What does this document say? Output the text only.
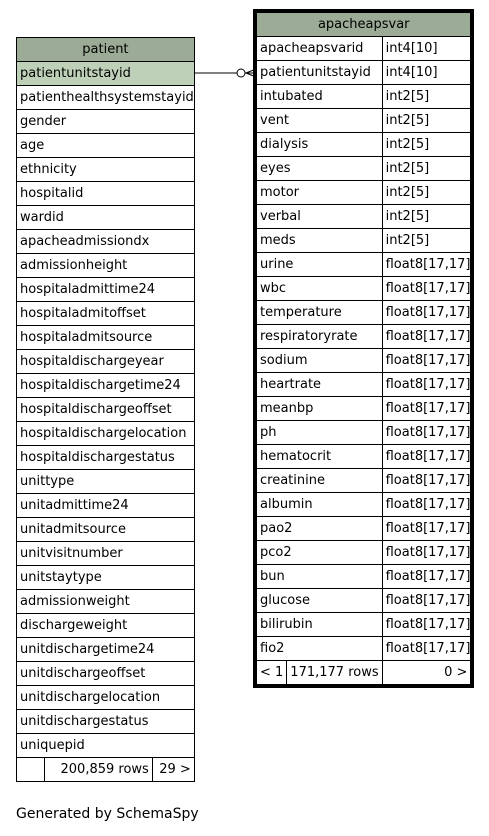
patient
patientunitstayid
patienthealthsystemstayid
gender
age
ethnicity
hospitalid
wardid
apacheadmissiondx
admissionheight
hospitaladmittime24
hospitaladmitoffset
hospitaladmitsource
hospitaldischargeyear
hospitaldischargetime24
hospitaldischargeoffset
hospitaldischargelocation
hospitaldischargestatus
unittype
unitadmittime24
unitadmitsource
unitvisitnumber
unitstaytype
admissionweight
dischargeweight
unitdischargetime24
unitdischargeoffset
unitdischargelocation
unitdischargestatus
uniquepid
	200,859 rows	29 >
apacheapsvar		
apacheapsvarid		int4[10]
patientunitstayid		int4[10]
intubated		int2[5]
vent		int2[5]
dialysis		int2[5]
eyes		int2[5]
motor		int2[5]
verbal		int2[5]
meds		int2[5]
urine		float8[17,17]
wbc		float8[17,17]
temperature		float8[17,17]
respiratoryrate		float8[17,17]
sodium		float8[17,17]
heartrate		float8[17,17]
meanbp		float8[17,17]
ph		float8[17,17]
hematocrit		float8[17,17]
creatinine		float8[17,17]
albumin		float8[17,17]
pao2		float8[17,17]
pco2		float8[17,17]
bun		float8[17,17]
glucose		float8[17,17]
bilirubin		float8[17,17]
fio2		float8[17,17]
< 1	171,177 rows	0 >
Generated by SchemaSpy
